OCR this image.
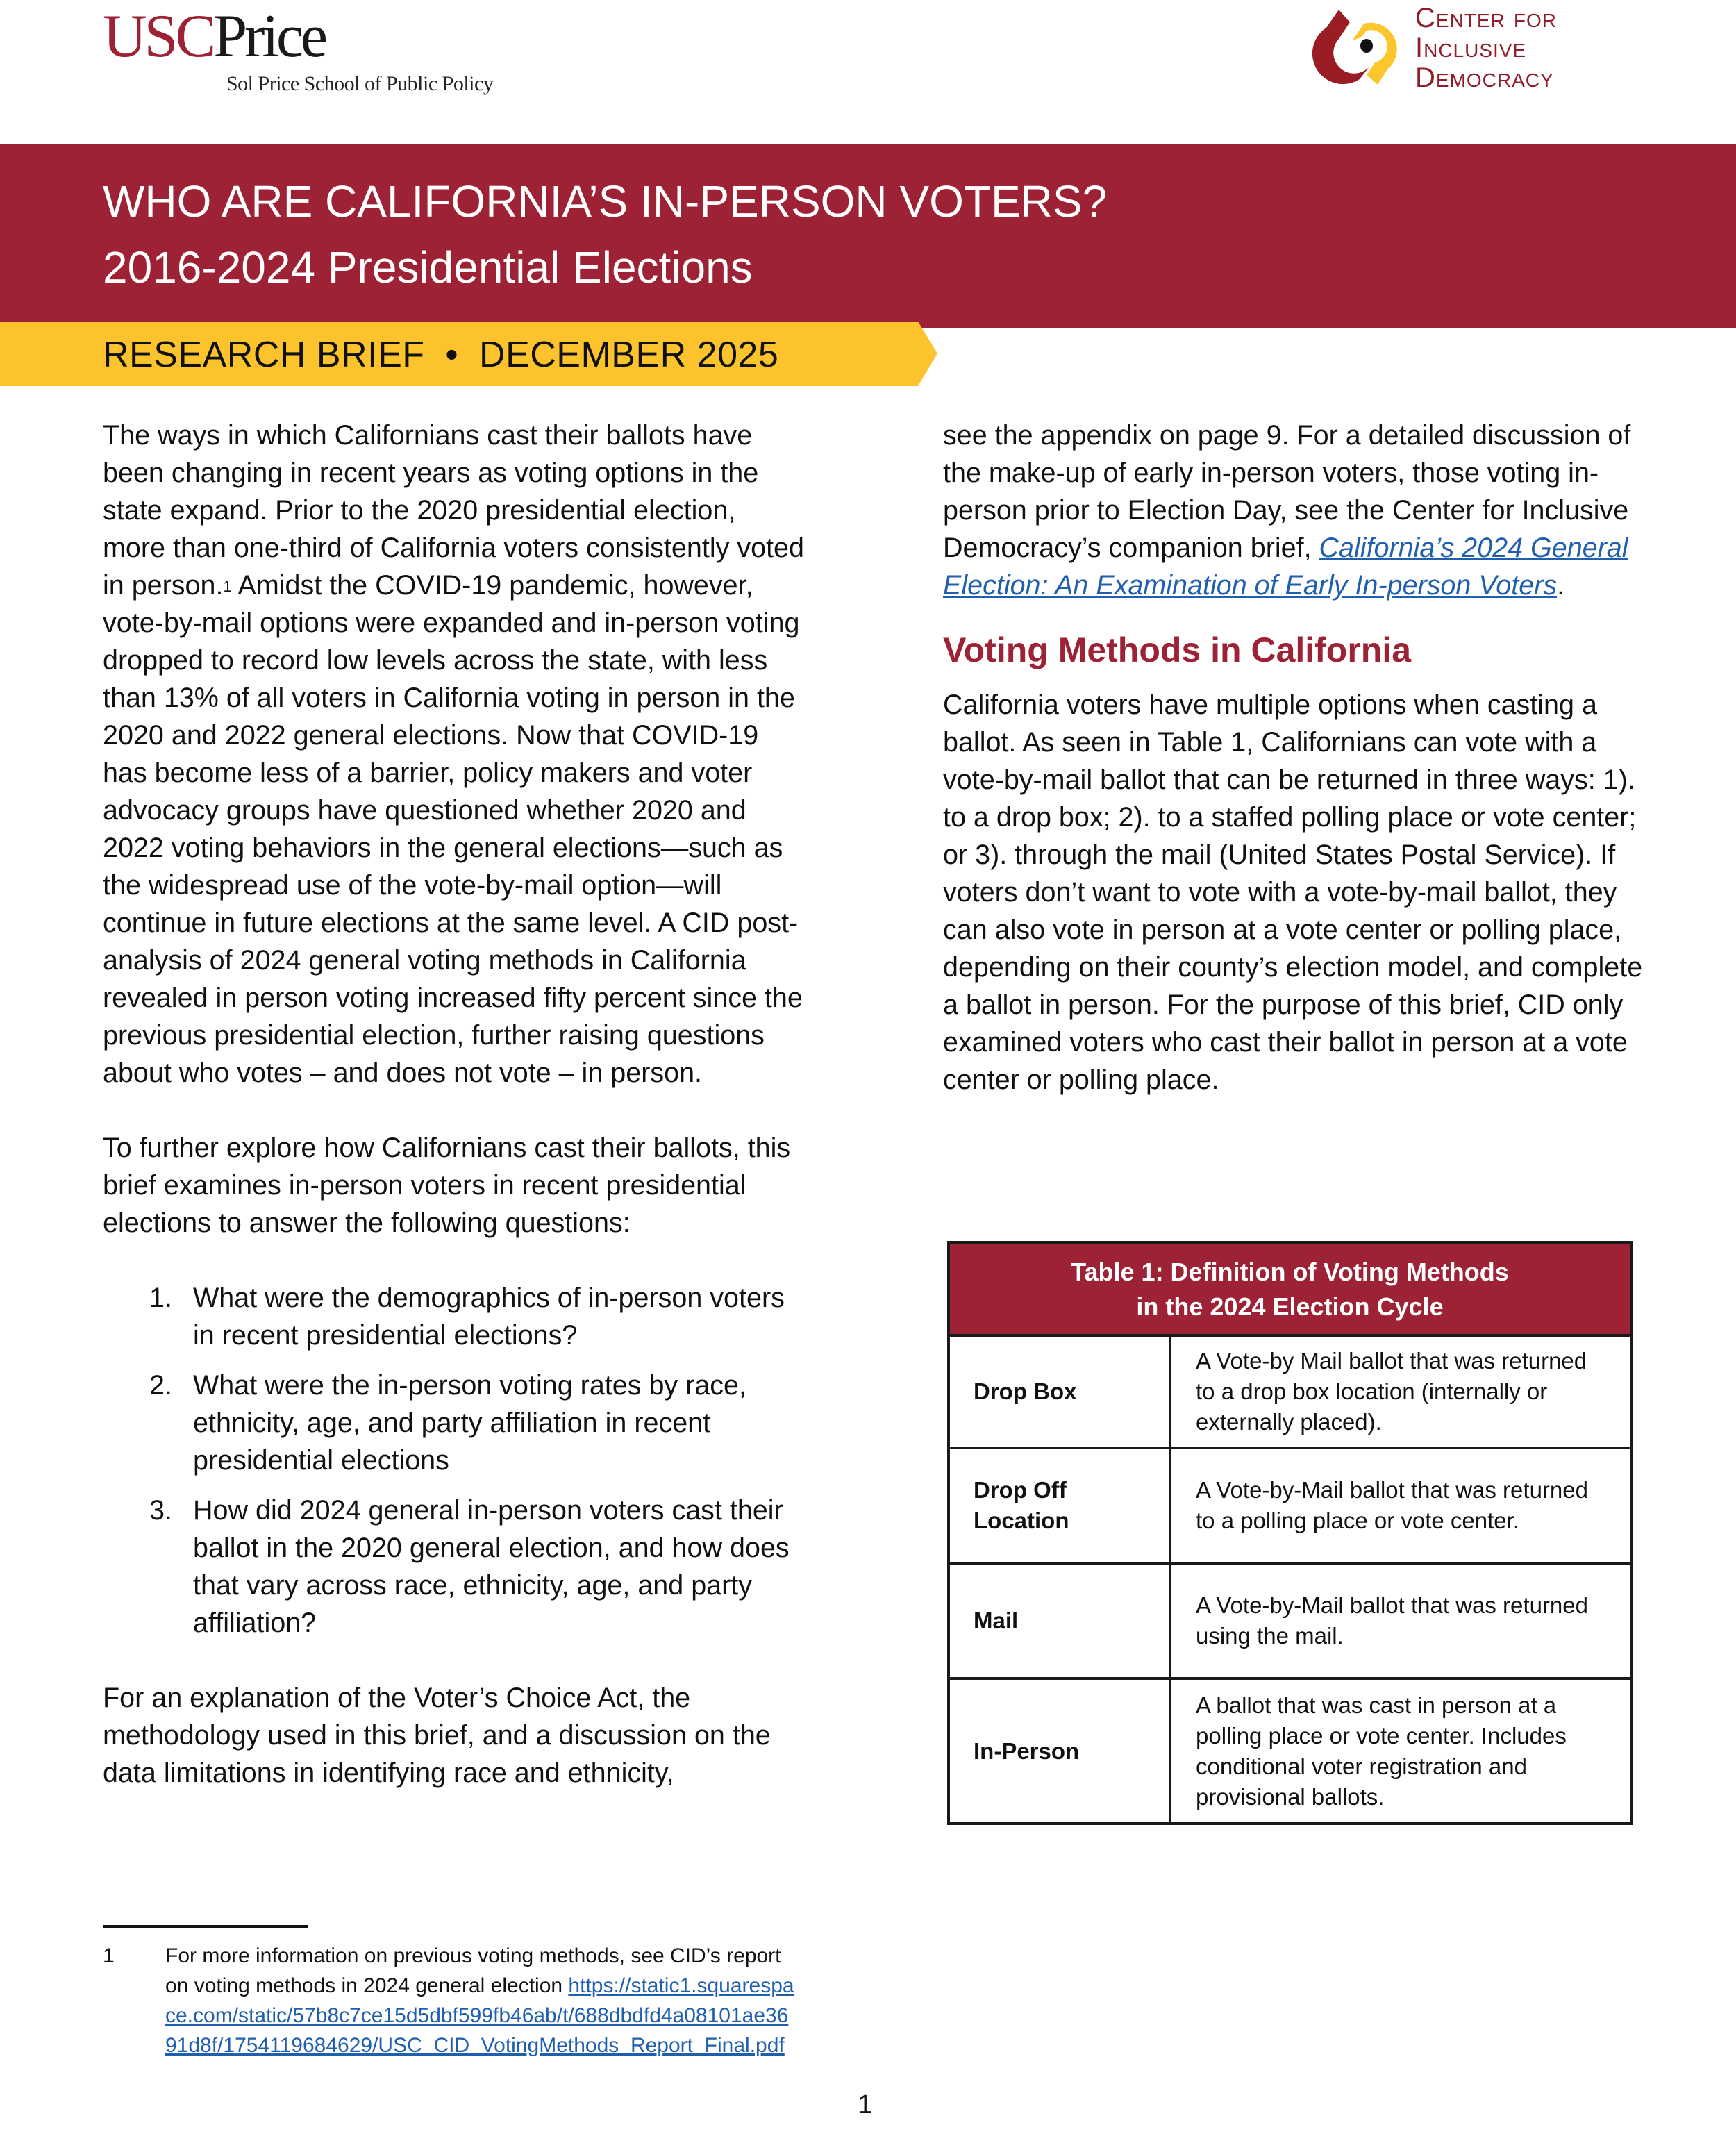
USCPrice
Sol Price School of Public Policy
Center for
Inclusive
Democracy
WHO ARE CALIFORNIA’S IN-PERSON VOTERS?
2016-2024 Presidential Elections
RESEARCH BRIEF  •  DECEMBER 2025

The ways in which Californians cast their ballots have been changing in recent years as voting options in the state expand. Prior to the 2020 presidential election, more than one-third of California voters consistently voted in person.$^1$ Amidst the COVID-19 pandemic, however, vote-by-mail options were expanded and in-person voting dropped to record low levels across the state, with less than 13% of all voters in California voting in person in the 2020 and 2022 general elections. Now that COVID-19 has become less of a barrier, policy makers and voter advocacy groups have questioned whether 2020 and 2022 voting behaviors in the general elections—such as the widespread use of the vote-by-mail option—will continue in future elections at the same level. A CID post-analysis of 2024 general voting methods in California revealed in person voting increased fifty percent since the previous presidential election, further raising questions about who votes – and does not vote – in person.

To further explore how Californians cast their ballots, this brief examines in-person voters in recent presidential elections to answer the following questions:

1. What were the demographics of in-person voters in recent presidential elections?
2. What were the in-person voting rates by race, ethnicity, age, and party affiliation in recent presidential elections
3. How did 2024 general in-person voters cast their ballot in the 2020 general election, and how does that vary across race, ethnicity, age, and party affiliation?

For an explanation of the Voter’s Choice Act, the methodology used in this brief, and a discussion on the data limitations in identifying race and ethnicity,

see the appendix on page 9. For a detailed discussion of the make-up of early in-person voters, those voting in-person prior to Election Day, see the Center for Inclusive Democracy’s companion brief, California’s 2024 General Election: An Examination of Early In-person Voters.

Voting Methods in California

California voters have multiple options when casting a ballot. As seen in Table 1, Californians can vote with a vote-by-mail ballot that can be returned in three ways: 1). to a drop box; 2). to a staffed polling place or vote center; or 3). through the mail (United States Postal Service). If voters don’t want to vote with a vote-by-mail ballot, they can also vote in person at a vote center or polling place, depending on their county’s election model, and complete a ballot in person. For the purpose of this brief, CID only examined voters who cast their ballot in person at a vote center or polling place.

Table 1: Definition of Voting Methods
in the 2024 Election Cycle
Drop Box
A Vote-by Mail ballot that was returned to a drop box location (internally or externally placed).
Drop Off Location
A Vote-by-Mail ballot that was returned to a polling place or vote center.
Mail
A Vote-by-Mail ballot that was returned using the mail.
In-Person
A ballot that was cast in person at a polling place or vote center. Includes conditional voter registration and provisional ballots.
1	For more information on previous voting methods, see CID’s report on voting methods in 2024 general election https://static1.squarespace.com/static/57b8c7ce15d5dbf599fb46ab/t/688dbdfd4a08101ae3691d8f/1754119684629/USC_CID_VotingMethods_Report_Final.pdf
1
